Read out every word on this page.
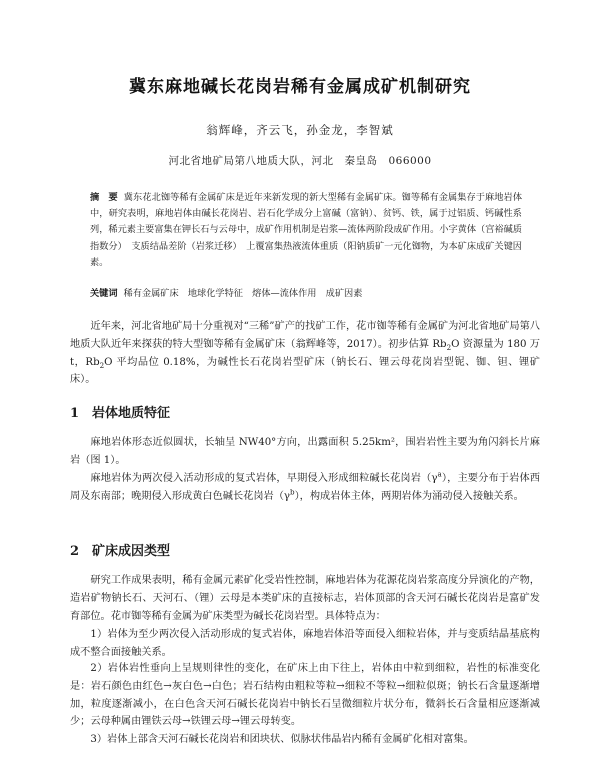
冀东麻地碱长花岗岩稀有金属成矿机制研究
翁辉峰，齐云飞，孙金龙，李智斌
河北省地矿局第八地质大队，河北　秦皇岛　066000

摘　要 冀东花北铷等稀有金属矿床是近年来新发现的新大型稀有金属矿床。铷等稀有金属集存于麻地岩体中，研究表明，麻地岩体由碱长花岗岩、岩石化学成分上富碱（富钠）、贫钙、铁，属于过铝质、钙碱性系列，稀元素主要富集在钾长石与云母中，成矿作用机制是岩浆—流体两阶段成矿作用。小字黄体（宫裕碱质指数分）　支质结晶差阶（岩浆迁移）　上覆富集热液流体重质（阳钠质矿一元化铷物，为本矿床成矿关键因素。

关键词 稀有金属矿床　地球化学特征　熔体—流体作用　成矿因素

近年来，河北省地矿局十分重视对“三稀”矿产的找矿工作，花市铷等稀有金属矿为河北省地矿局第八地质大队近年来探获的特大型铷等稀有金属矿床（翁辉峰等，2017）。初步估算 $Rb_2O$ 资源量为 180 万 t，$Rb_2O$ 平均品位 0.18%，为碱性长石花岗岩型矿床（钠长石、锂云母花岗岩型铌、铷、钽、锂矿床）。

1 岩体地质特征

麻地岩体形态近似圆状，长轴呈 NW40°方向，出露面积 5.25km²，围岩岩性主要为角闪斜长片麻岩（图 1）。

麻地岩体为两次侵入活动形成的复式岩体，早期侵入形成细粒碱长花岗岩$(\gamma^a)$，主要分布于岩体西周及东南部；晚期侵入形成黄白色碱长花岗岩$(\gamma^b)$，构成岩体主体，两期岩体为涌动侵入接触关系。

2 矿床成因类型

研究工作成果表明，稀有金属元素矿化受岩性控制，麻地岩体为花源花岗岩浆高度分异演化的产物，造岩矿物钠长石、天河石、（锂）云母是本类矿床的直接标志，岩体顶部的含天河石碱长花岗岩是富矿发育部位。花市铷等稀有金属为矿床类型为碱长花岗岩型。具体特点为：

1）岩体为至少两次侵入活动形成的复式岩体，麻地岩体沿等面侵入细粒岩体，并与变质结晶基底构成不整合面接触关系。

2）岩体岩性垂向上呈规则律性的变化，在矿床上由下往上，岩体由中粒到细粒，岩性的标准变化是：岩石颜色由红色→灰白色→白色；岩石结构由粗粒等粒→细粒不等粒→细粒似斑；钠长石含量逐渐增加，粒度逐渐减小，在白色含天河石碱长花岗岩中钠长石呈微细粒片状分布，微斜长石含量相应逐渐减少；云母种属由锂铁云母→铁锂云母→锂云母转变。

3）岩体上部含天河石碱长花岗岩和团块状、似脉状伟晶岩内稀有金属矿化相对富集。
